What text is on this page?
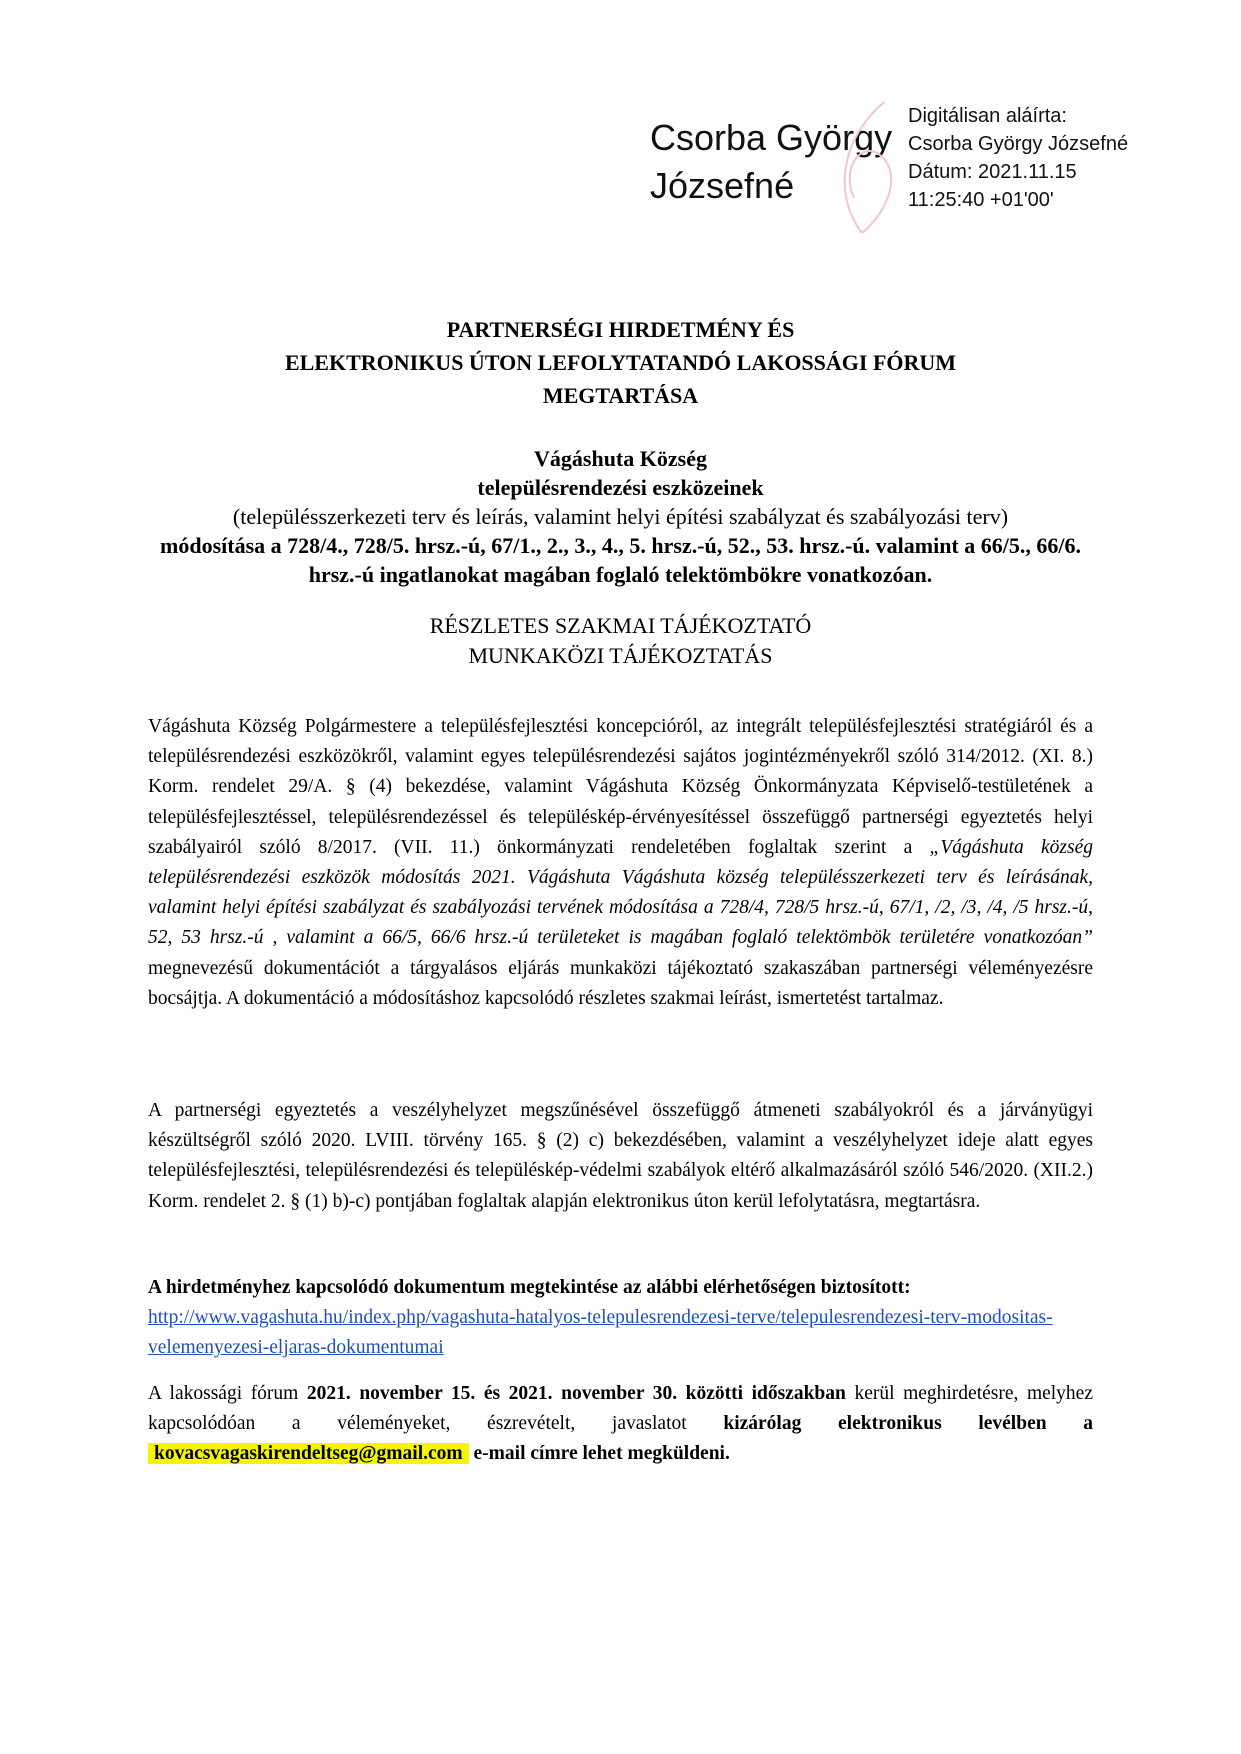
Csorba György
Józsefné
Digitálisan aláírta:
Csorba György Józsefné
Dátum: 2021.11.15
11:25:40 +01'00'
PARTNERSÉGI HIRDETMÉNY ÉS
ELEKTRONIKUS ÚTON LEFOLYTATANDÓ LAKOSSÁGI FÓRUM
MEGTARTÁSA
Vágáshuta Község
településrendezési eszközeinek
(településszerkezeti terv és leírás, valamint helyi építési szabályzat és szabályozási terv)
módosítása a 728/4., 728/5. hrsz.-ú, 67/1., 2., 3., 4., 5. hrsz.-ú, 52., 53. hrsz.-ú. valamint a 66/5., 66/6. hrsz.-ú ingatlanokat magában foglaló telektömbökre vonatkozóan.
RÉSZLETES SZAKMAI TÁJÉKOZTATÓ
MUNKAKÖZI TÁJÉKOZTATÁS
Vágáshuta Község Polgármestere a településfejlesztési koncepcióról, az integrált településfejlesztési stratégiáról és a településrendezési eszközökről, valamint egyes településrendezési sajátos jogintézményekről szóló 314/2012. (XI. 8.) Korm. rendelet 29/A. § (4) bekezdése, valamint Vágáshuta Község Önkormányzata Képviselő-testületének a településfejlesztéssel, településrendezéssel és településkép-érvényesítéssel összefüggő partnerségi egyeztetés helyi szabályairól szóló 8/2017. (VII. 11.) önkormányzati rendeletében foglaltak szerint a „Vágáshuta község településrendezési eszközök módosítás 2021. Vágáshuta Vágáshuta község településszerkezeti terv és leírásának, valamint helyi építési szabályzat és szabályozási tervének módosítása a 728/4, 728/5 hrsz.-ú, 67/1, /2, /3, /4, /5 hrsz.-ú, 52, 53 hrsz.-ú , valamint a 66/5, 66/6 hrsz.-ú területeket is magában foglaló telektömbök területére vonatkozóan” megnevezésű dokumentációt a tárgyalásos eljárás munkaközi tájékoztató szakaszában partnerségi véleményezésre bocsájtja. A dokumentáció a módosításhoz kapcsolódó részletes szakmai leírást, ismertetést tartalmaz.
A partnerségi egyeztetés a veszélyhelyzet megszűnésével összefüggő átmeneti szabályokról és a járványügyi készültségről szóló 2020. LVIII. törvény 165. § (2) c) bekezdésében, valamint a veszélyhelyzet ideje alatt egyes településfejlesztési, településrendezési és településkép-védelmi szabályok eltérő alkalmazásáról szóló 546/2020. (XII.2.) Korm. rendelet 2. § (1) b)-c) pontjában foglaltak alapján elektronikus úton kerül lefolytatásra, megtartásra.
A hirdetményhez kapcsolódó dokumentum megtekintése az alábbi elérhetőségen biztosított:
http://www.vagashuta.hu/index.php/vagashuta-hatalyos-telepulesrendezesi-terve/telepulesrendezesi-terv-modositas-velemenyezesi-eljaras-dokumentumai
A lakossági fórum 2021. november 15. és 2021. november 30. közötti időszakban kerül meghirdetésre, melyhez kapcsolódóan a véleményeket, észrevételt, javaslatot kizárólag elektronikus levélben a kovacsvagaskirendeltseg@gmail.com e-mail címre lehet megküldeni.
